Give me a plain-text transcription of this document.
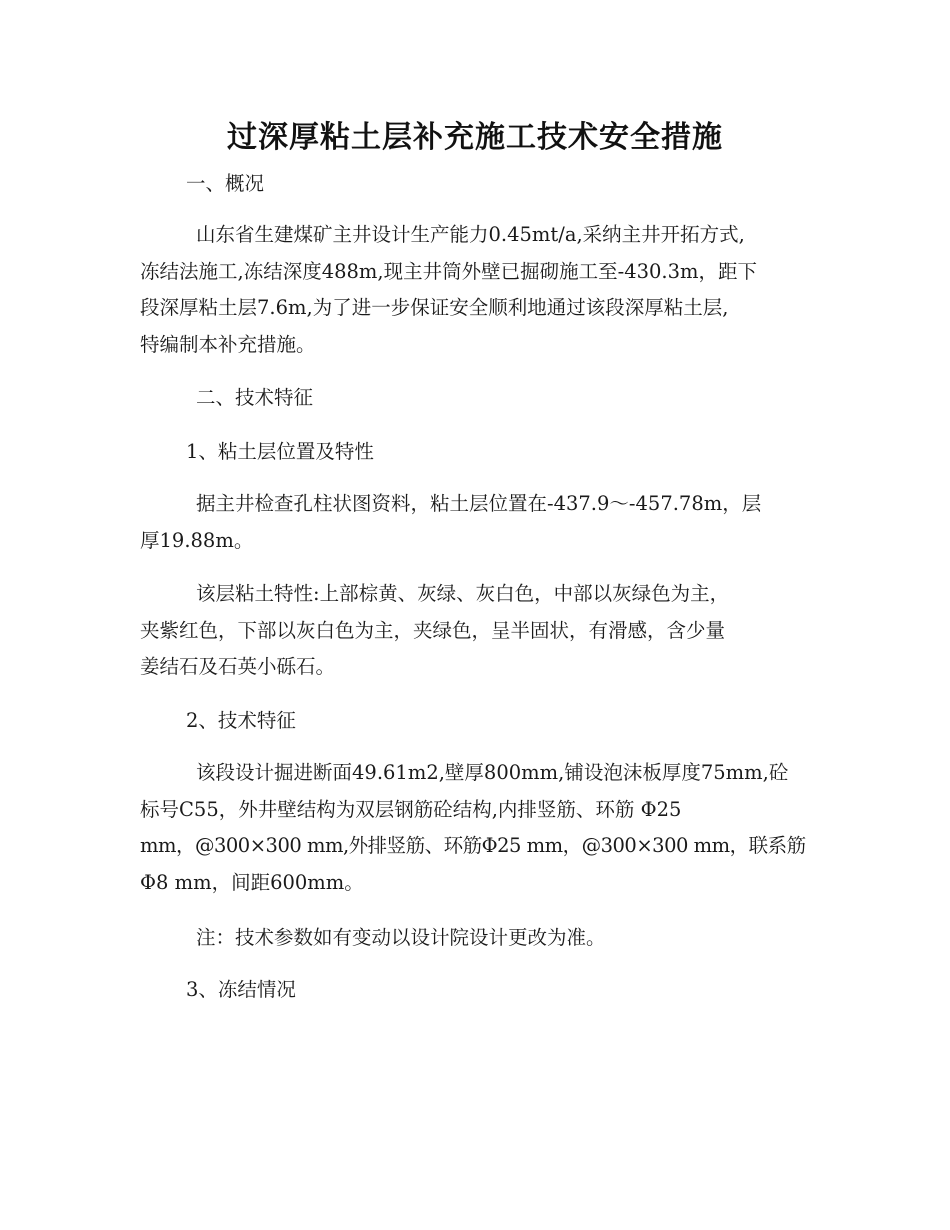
过深厚粘土层补充施工技术安全措施
一、概况
山东省生建煤矿主井设计生产能力0.45mt/a,采纳主井开拓方式,
冻结法施工,冻结深度488m,现主井筒外壁已掘砌施工至-430.3m，距下
段深厚粘土层7.6m,为了进一步保证安全顺利地通过该段深厚粘土层,
特编制本补充措施。
二、技术特征
1、粘土层位置及特性
据主井检查孔柱状图资料，粘土层位置在-437.9～-457.78m，层
厚19.88m。
该层粘土特性:上部棕黄、灰绿、灰白色，中部以灰绿色为主，
夹紫红色，下部以灰白色为主，夹绿色，呈半固状，有滑感，含少量
姜结石及石英小砾石。
2、技术特征
该段设计掘进断面49.61m2,壁厚800mm,铺设泡沫板厚度75mm,砼
标号C55，外井壁结构为双层钢筋砼结构,内排竖筋、环筋 Φ25
mm，@300×300 mm,外排竖筋、环筋Φ25 mm，@300×300 mm，联系筋
Φ8 mm，间距600mm。
注：技术参数如有变动以设计院设计更改为准。
3、冻结情况
